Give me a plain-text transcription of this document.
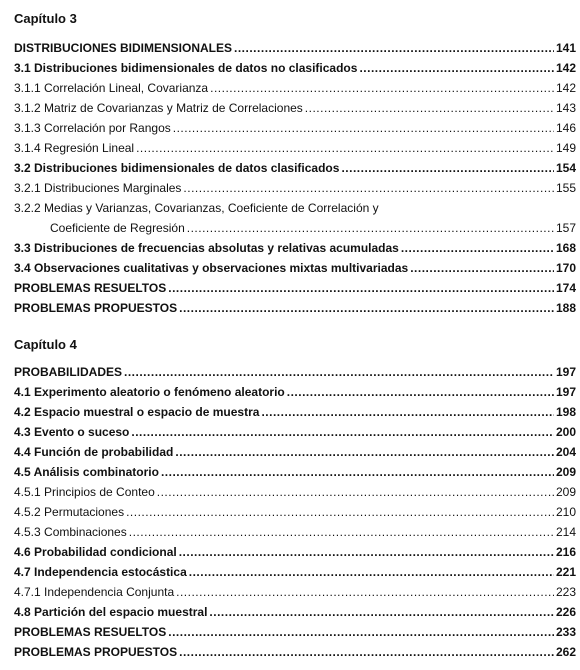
Capítulo 3
DISTRIBUCIONES BIDIMENSIONALES .....	141
3.1 Distribuciones bidimensionales de datos no clasificados .....	142
3.1.1 Correlación Lineal, Covarianza .....	142
3.1.2 Matriz de Covarianzas y Matriz de Correlaciones .....	143
3.1.3 Correlación por Rangos .....	146
3.1.4 Regresión Lineal .....	149
3.2 Distribuciones bidimensionales de datos clasificados .....	154
3.2.1 Distribuciones Marginales .....	155
3.2.2 Medias y Varianzas, Covarianzas, Coeficiente de Correlación y
Coeficiente de Regresión .....	157
3.3 Distribuciones de frecuencias absolutas y relativas acumuladas .....	168
3.4 Observaciones cualitativas y observaciones mixtas multivariadas .....	170
PROBLEMAS RESUELTOS .....	174
PROBLEMAS PROPUESTOS .....	188
Capítulo 4
PROBABILIDADES .....	197
4.1 Experimento aleatorio o fenómeno aleatorio .....	197
4.2 Espacio muestral o espacio de muestra .....	198
4.3 Evento o suceso .....	200
4.4 Función de probabilidad .....	204
4.5 Análisis combinatorio .....	209
4.5.1 Principios de Conteo .....	209
4.5.2 Permutaciones .....	210
4.5.3 Combinaciones .....	214
4.6 Probabilidad condicional .....	216
4.7 Independencia estocástica .....	221
4.7.1 Independencia Conjunta .....	223
4.8 Partición del espacio muestral .....	226
PROBLEMAS RESUELTOS .....	233
PROBLEMAS PROPUESTOS .....	262
